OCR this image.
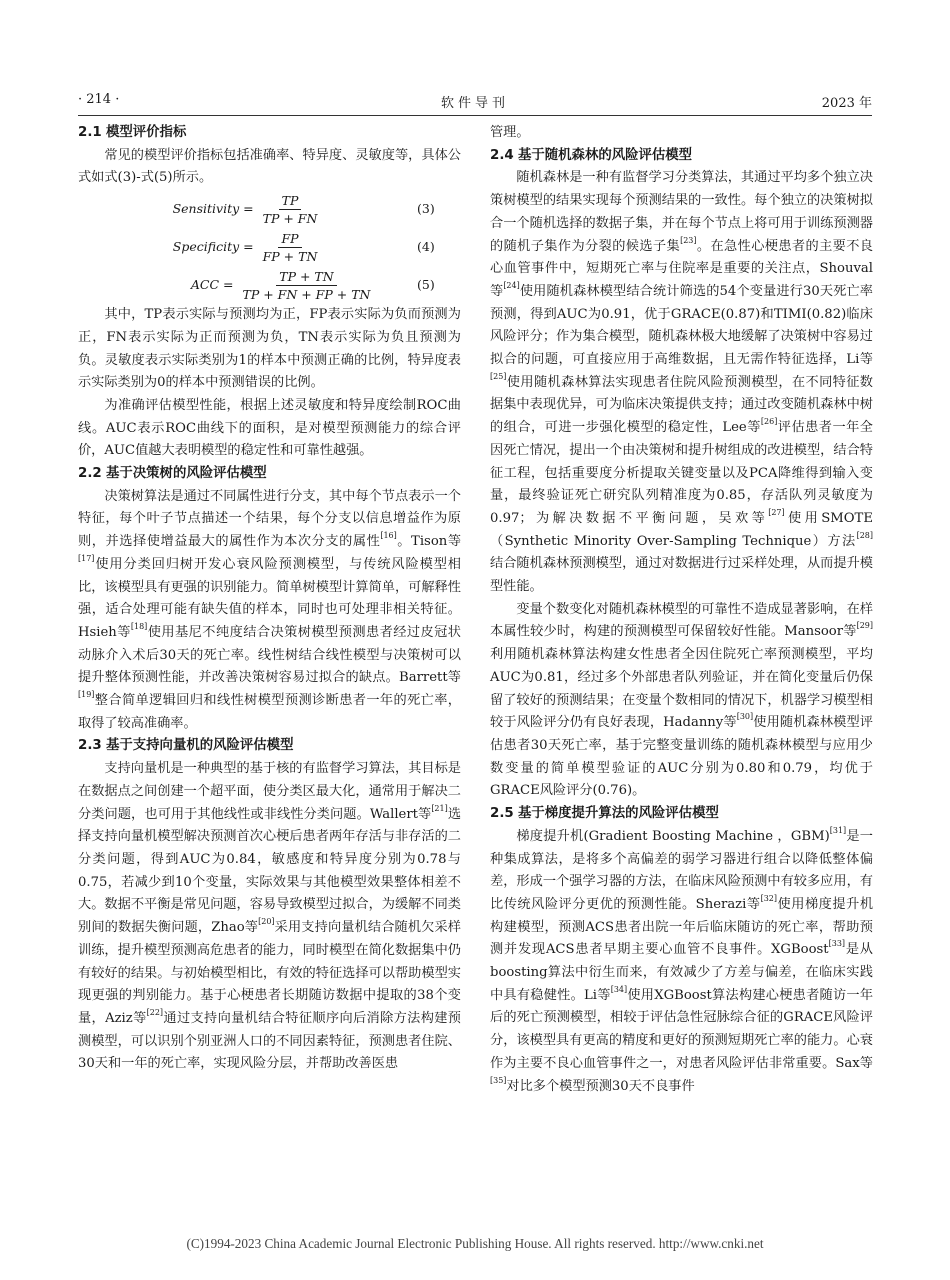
· 214 ·	软件导刊	2023 年
2.1 模型评价指标

常见的模型评价指标包括准确率、特异度、灵敏度等，具体公式如式(3)-式(5)所示。

Sensitivity = $\frac{TP}{TP + FN}$	(3)
Specificity = $\frac{FP}{FP + TN}$	(4)
ACC = $\frac{TP + TN}{TP + FN + FP + TN}$	(5)

其中，TP表示实际与预测均为正，FP表示实际为负而预测为正，FN表示实际为正而预测为负，TN表示实际为负且预测为负。灵敏度表示实际类别为1的样本中预测正确的比例，特异度表示实际类别为0的样本中预测错误的比例。

为准确评估模型性能，根据上述灵敏度和特异度绘制ROC曲线。AUC表示ROC曲线下的面积，是对模型预测能力的综合评价，AUC值越大表明模型的稳定性和可靠性越强。

2.2 基于决策树的风险评估模型

决策树算法是通过不同属性进行分支，其中每个节点表示一个特征，每个叶子节点描述一个结果，每个分支以信息增益作为原则，并选择使增益最大的属性作为本次分支的属性[16]。Tison等[17]使用分类回归树开发心衰风险预测模型，与传统风险模型相比，该模型具有更强的识别能力。简单树模型计算简单，可解释性强，适合处理可能有缺失值的样本，同时也可处理非相关特征。Hsieh等[18]使用基尼不纯度结合决策树模型预测患者经过皮冠状动脉介入术后30天的死亡率。线性树结合线性模型与决策树可以提升整体预测性能，并改善决策树容易过拟合的缺点。Barrett等[19]整合简单逻辑回归和线性树模型预测诊断患者一年的死亡率，取得了较高准确率。

2.3 基于支持向量机的风险评估模型

支持向量机是一种典型的基于核的有监督学习算法，其目标是在数据点之间创建一个超平面，使分类区最大化，通常用于解决二分类问题，也可用于其他线性或非线性分类问题。Wallert等[21]选择支持向量机模型解决预测首次心梗后患者两年存活与非存活的二分类问题，得到AUC为0.84，敏感度和特异度分别为0.78与0.75，若减少到10个变量，实际效果与其他模型效果整体相差不大。数据不平衡是常见问题，容易导致模型过拟合，为缓解不同类别间的数据失衡问题，Zhao等[20]采用支持向量机结合随机欠采样训练，提升模型预测高危患者的能力，同时模型在简化数据集中仍有较好的结果。与初始模型相比，有效的特征选择可以帮助模型实现更强的判别能力。基于心梗患者长期随访数据中提取的38个变量，Aziz等[22]通过支持向量机结合特征顺序向后消除方法构建预测模型，可以识别个别亚洲人口的不同因素特征，预测患者住院、30天和一年的死亡率，实现风险分层，并帮助改善医患

管理。

2.4 基于随机森林的风险评估模型

随机森林是一种有监督学习分类算法，其通过平均多个独立决策树模型的结果实现每个预测结果的一致性。每个独立的决策树拟合一个随机选择的数据子集，并在每个节点上将可用于训练预测器的随机子集作为分裂的候选子集[23]。在急性心梗患者的主要不良心血管事件中，短期死亡率与住院率是重要的关注点，Shouval等[24]使用随机森林模型结合统计筛选的54个变量进行30天死亡率预测，得到AUC为0.91，优于GRACE(0.87)和TIMI(0.82)临床风险评分；作为集合模型，随机森林极大地缓解了决策树中容易过拟合的问题，可直接应用于高维数据，且无需作特征选择，Li等[25]使用随机森林算法实现患者住院风险预测模型，在不同特征数据集中表现优异，可为临床决策提供支持；通过改变随机森林中树的组合，可进一步强化模型的稳定性，Lee等[26]评估患者一年全因死亡情况，提出一个由决策树和提升树组成的改进模型，结合特征工程，包括重要度分析提取关键变量以及PCA降维得到输入变量，最终验证死亡研究队列精准度为0.85，存活队列灵敏度为0.97；为解决数据不平衡问题，吴欢等[27]使用SMOTE（Synthetic Minority Over-Sampling Technique）方法[28]结合随机森林预测模型，通过对数据进行过采样处理，从而提升模型性能。

变量个数变化对随机森林模型的可靠性不造成显著影响，在样本属性较少时，构建的预测模型可保留较好性能。Mansoor等[29]利用随机森林算法构建女性患者全因住院死亡率预测模型，平均AUC为0.81，经过多个外部患者队列验证，并在简化变量后仍保留了较好的预测结果；在变量个数相同的情况下，机器学习模型相较于风险评分仍有良好表现，Hadanny等[30]使用随机森林模型评估患者30天死亡率，基于完整变量训练的随机森林模型与应用少数变量的简单模型验证的AUC分别为0.80和0.79，均优于GRACE风险评分(0.76)。

2.5 基于梯度提升算法的风险评估模型

梯度提升机(Gradient Boosting Machine ，GBM)[31]是一种集成算法，是将多个高偏差的弱学习器进行组合以降低整体偏差，形成一个强学习器的方法，在临床风险预测中有较多应用，有比传统风险评分更优的预测性能。Sherazi等[32]使用梯度提升机构建模型，预测ACS患者出院一年后临床随访的死亡率，帮助预测并发现ACS患者早期主要心血管不良事件。XGBoost[33]是从boosting算法中衍生而来，有效减少了方差与偏差，在临床实践中具有稳健性。Li等[34]使用XGBoost算法构建心梗患者随访一年后的死亡预测模型，相较于评估急性冠脉综合征的GRACE风险评分，该模型具有更高的精度和更好的预测短期死亡率的能力。心衰作为主要不良心血管事件之一，对患者风险评估非常重要。Sax等[35]对比多个模型预测30天不良事件

(C)1994-2023 China Academic Journal Electronic Publishing House. All rights reserved. http://www.cnki.net
